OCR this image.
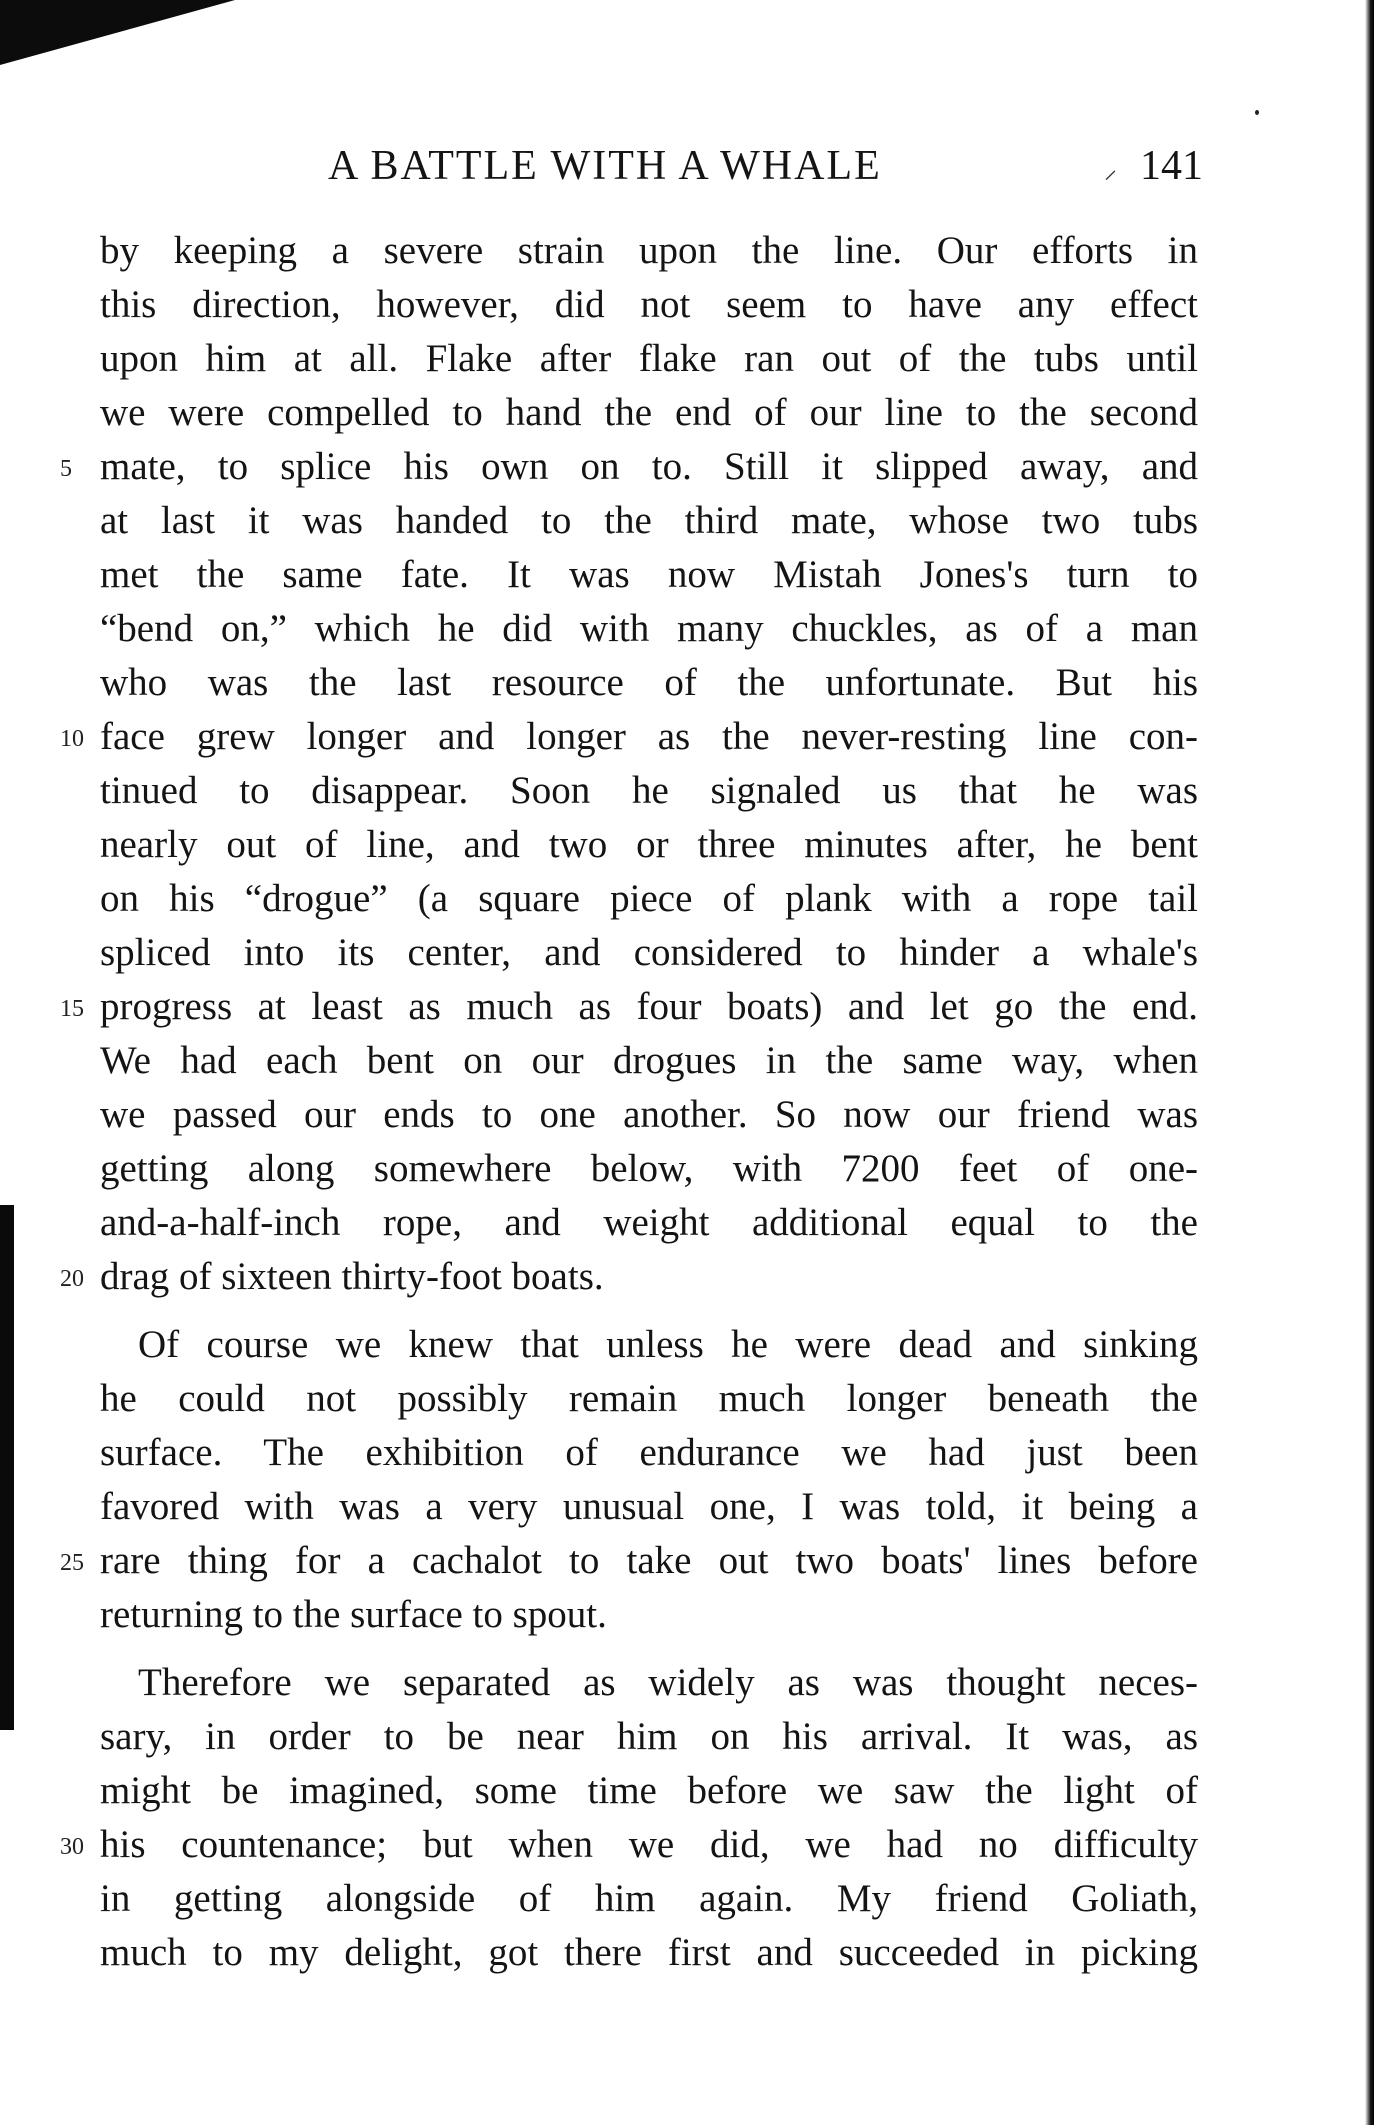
A BATTLE WITH A WHALE	⸝ 141
by keeping a severe strain upon the line. Our efforts in
this direction, however, did not seem to have any effect
upon him at all. Flake after flake ran out of the tubs until
we were compelled to hand the end of our line to the second
mate, to splice his own on to. Still it slipped away, and
at last it was handed to the third mate, whose two tubs
met the same fate. It was now Mistah Jones's turn to
“bend on,” which he did with many chuckles, as of a man
who was the last resource of the unfortunate. But his
face grew longer and longer as the never-resting line con-
tinued to disappear. Soon he signaled us that he was
nearly out of line, and two or three minutes after, he bent
on his “drogue” (a square piece of plank with a rope tail
spliced into its center, and considered to hinder a whale's
progress at least as much as four boats) and let go the end.
We had each bent on our drogues in the same way, when
we passed our ends to one another. So now our friend was
getting along somewhere below, with 7200 feet of one-
and-a-half-inch rope, and weight additional equal to the
drag of sixteen thirty-foot boats.
Of course we knew that unless he were dead and sinking
he could not possibly remain much longer beneath the
surface. The exhibition of endurance we had just been
favored with was a very unusual one, I was told, it being a
rare thing for a cachalot to take out two boats' lines before
returning to the surface to spout.
Therefore we separated as widely as was thought neces-
sary, in order to be near him on his arrival. It was, as
might be imagined, some time before we saw the light of
his countenance; but when we did, we had no difficulty
in getting alongside of him again. My friend Goliath,
much to my delight, got there first and succeeded in picking
5
10
15
20
25
30
